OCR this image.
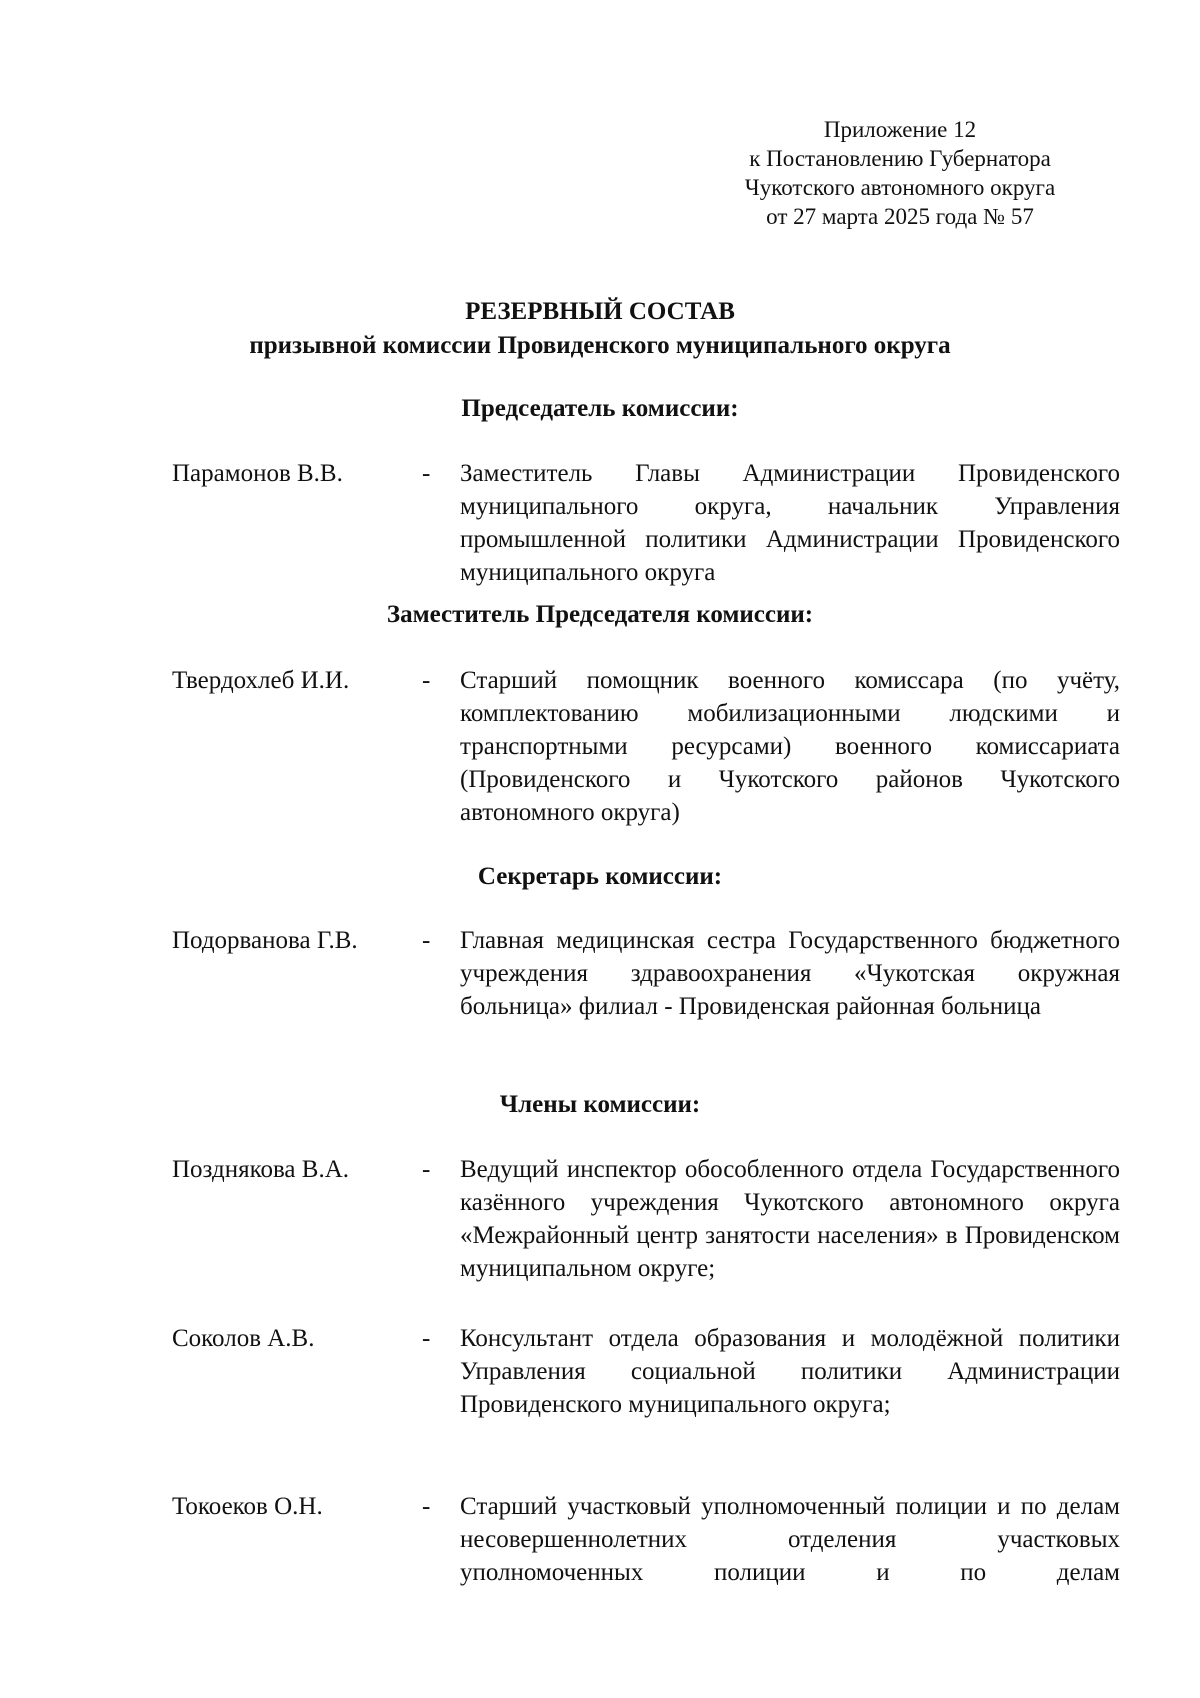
Приложение 12
к Постановлению Губернатора
Чукотского автономного округа
от 27 марта 2025 года № 57
РЕЗЕРВНЫЙ СОСТАВ
призывной комиссии Провиденского муниципального округа
Председатель комиссии:
Парамонов В.В.	- Заместитель Главы Администрации Провиденского муниципального округа, начальник Управления промышленной политики Администрации Провиденского муниципального округа
Заместитель Председателя комиссии:
Твердохлеб И.И.	- Старший помощник военного комиссара (по учёту, комплектованию мобилизационными людскими и транспортными ресурсами) военного комиссариата (Провиденского и Чукотского районов Чукотского автономного округа)
Секретарь комиссии:
Подорванова Г.В.	- Главная медицинская сестра Государственного бюджетного учреждения здравоохранения «Чукотская окружная больница» филиал - Провиденская районная больница
Члены комиссии:
Позднякова В.А.	- Ведущий инспектор обособленного отдела Государственного казённого учреждения Чукотского автономного округа «Межрайонный центр занятости населения» в Провиденском муниципальном округе;
Соколов А.В.	- Консультант отдела образования и молодёжной политики Управления социальной политики Администрации Провиденского муниципального округа;
Токоеков О.Н.	- Старший участковый уполномоченный полиции и по делам несовершеннолетних отделения участковых уполномоченных полиции и по делам
